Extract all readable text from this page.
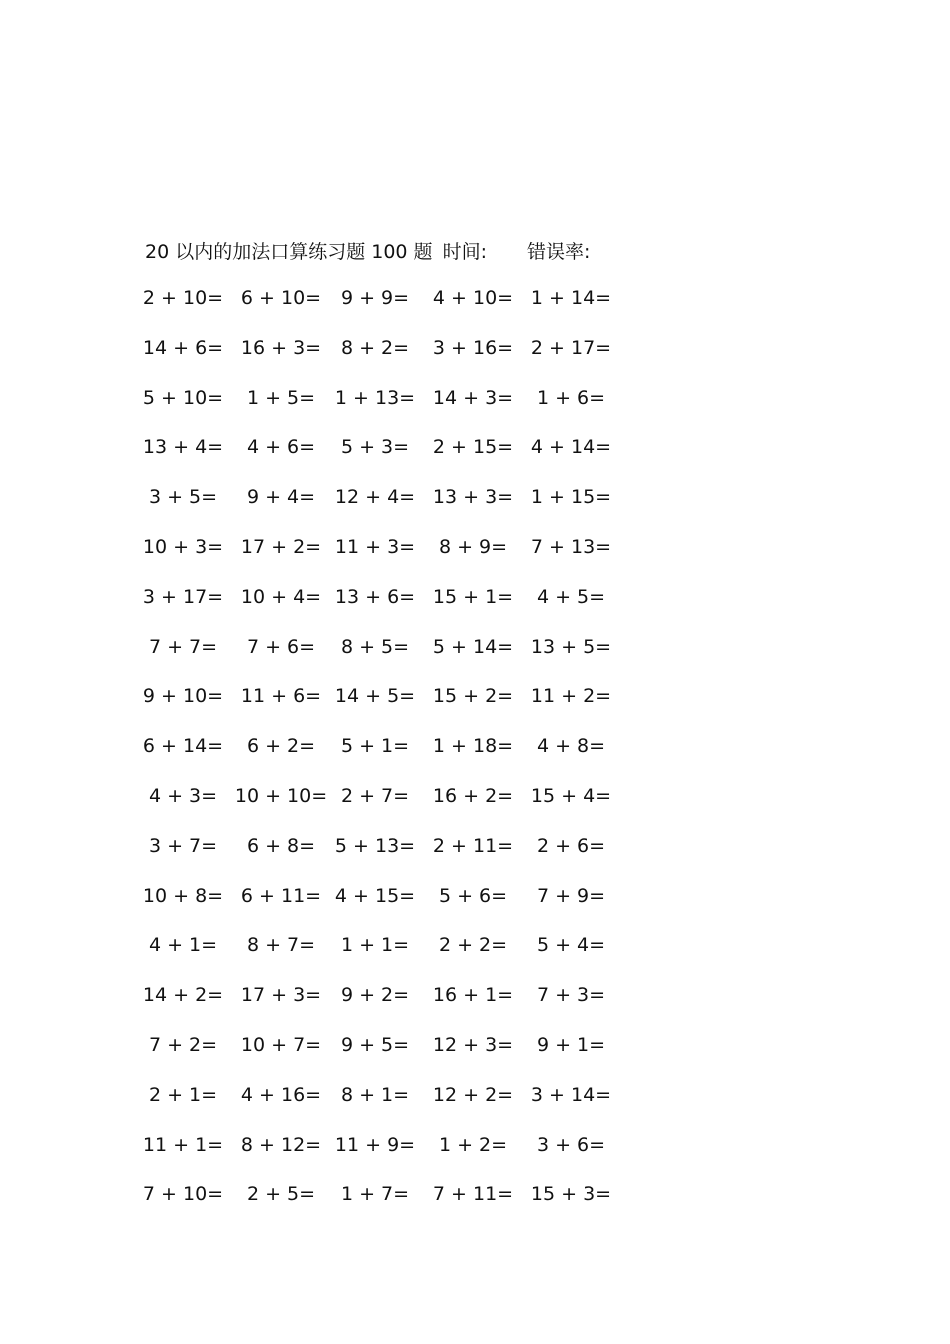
20 以内的加法口算练习题 100 题 时间: 错误率:
2 + 10= 6 + 10=	9 + 9=	4 + 10= 1 + 14=
14 + 6= 16 + 3=	8 + 2=	3 + 16= 2 + 17=
5 + 10=	1 + 5=	1 + 13= 14 + 3=	1 + 6=
13 + 4=	4 + 6=	5 + 3=	2 + 15= 4 + 14=
3 + 5=	9 + 4=	12 + 4= 13 + 3= 1 + 15=
10 + 3= 17 + 2= 11 + 3=	8 + 9=	7 + 13=
3 + 17= 10 + 4= 13 + 6= 15 + 1=	4 + 5=
7 + 7=	7 + 6=	8 + 5=	5 + 14= 13 + 5=
9 + 10= 11 + 6= 14 + 5= 15 + 2= 11 + 2=
6 + 14=	6 + 2=	5 + 1=	1 + 18=	4 + 8=
4 + 3= 10 + 10= 2 + 7=	16 + 2= 15 + 4=
3 + 7=	6 + 8=	5 + 13= 2 + 11=	2 + 6=
10 + 8= 6 + 11= 4 + 15=	5 + 6=	7 + 9=
4 + 1=	8 + 7=	1 + 1=	2 + 2=	5 + 4=
14 + 2= 17 + 3=	9 + 2=	16 + 1=	7 + 3=
7 + 2=	10 + 7=	9 + 5=	12 + 3=	9 + 1=
2 + 1=	4 + 16=	8 + 1=	12 + 2= 3 + 14=
11 + 1= 8 + 12= 11 + 9=	1 + 2=	3 + 6=
7 + 10=	2 + 5=	1 + 7=	7 + 11= 15 + 3=
